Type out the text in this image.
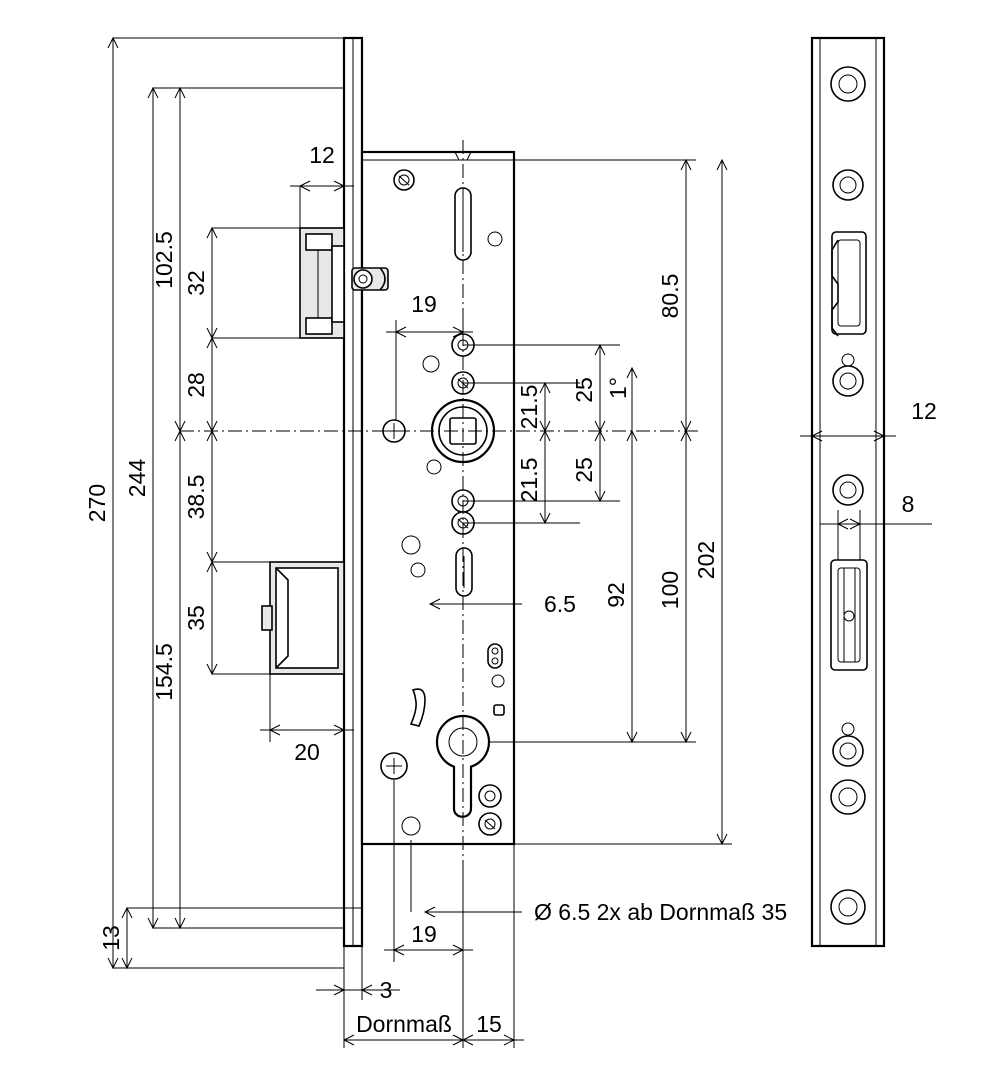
270
244
102.5 32
28
38.5
35
154.5
13
12
19
21.5
21.5
25
25
1°
80.5
202
100
92
6.5
20
Ø 6.5 2x ab Dornmaß 35
19
3
Dornmaß 15
12
8
